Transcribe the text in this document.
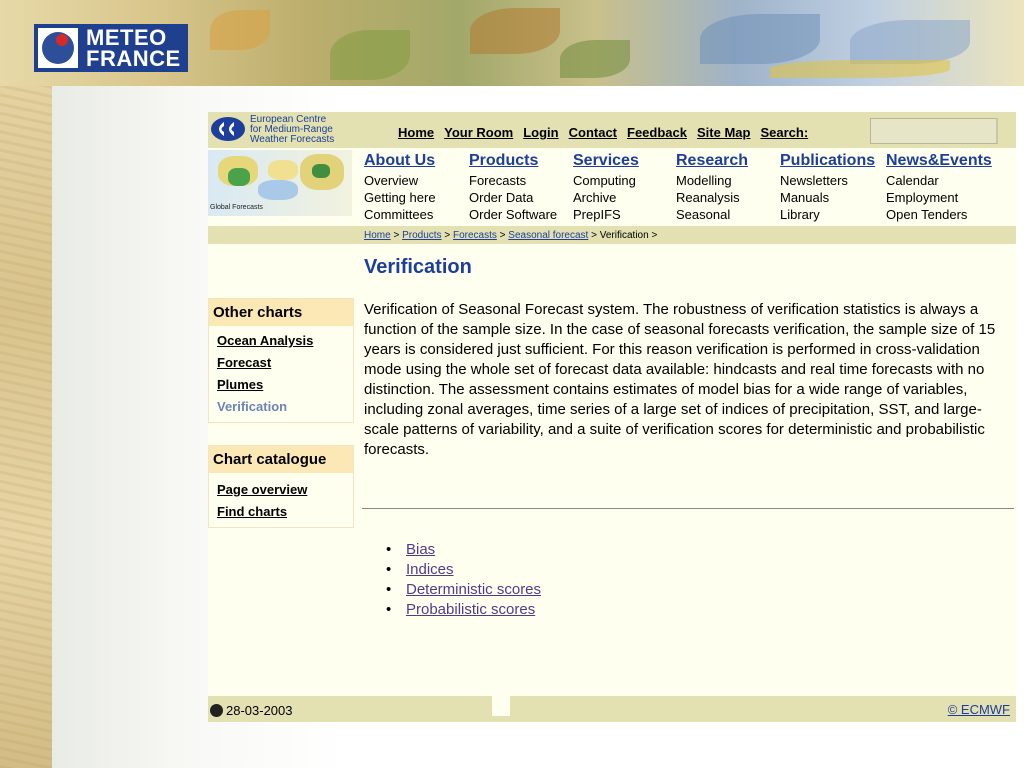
METEO
FRANCE
European Centre
for Medium-Range
Weather Forecasts	Home Your Room Login Contact Feedback Site Map Search:
Global Forecasts
About Us
Overview
Getting here
Committees
Products
Forecasts
Order Data
Order Software
Services
Computing
Archive
PrepIFS
Research
Modelling
Reanalysis
Seasonal
Publications
Newsletters
Manuals
Library
News&Events
Calendar
Employment
Open Tenders
Home > Products > Forecasts > Seasonal forecast > Verification >
Verification
Other charts
Ocean Analysis
Forecast
Plumes
Verification
Chart catalogue
Page overview
Find charts
Verification of Seasonal Forecast system. The robustness of verification statistics is always a function of the sample size. In the case of seasonal forecasts verification, the sample size of 15 years is considered just sufficient. For this reason verification is performed in cross-validation mode using the whole set of forecast data available: hindcasts and real time forecasts with no distinction. The assessment contains estimates of model bias for a wide range of variables, including zonal averages, time series of a large set of indices of precipitation, SST, and large-scale patterns of variability, and a suite of verification scores for deterministic and probabilistic forecasts.
• Bias
• Indices
• Deterministic scores
• Probabilistic scores
28-03-2003	© ECMWF
